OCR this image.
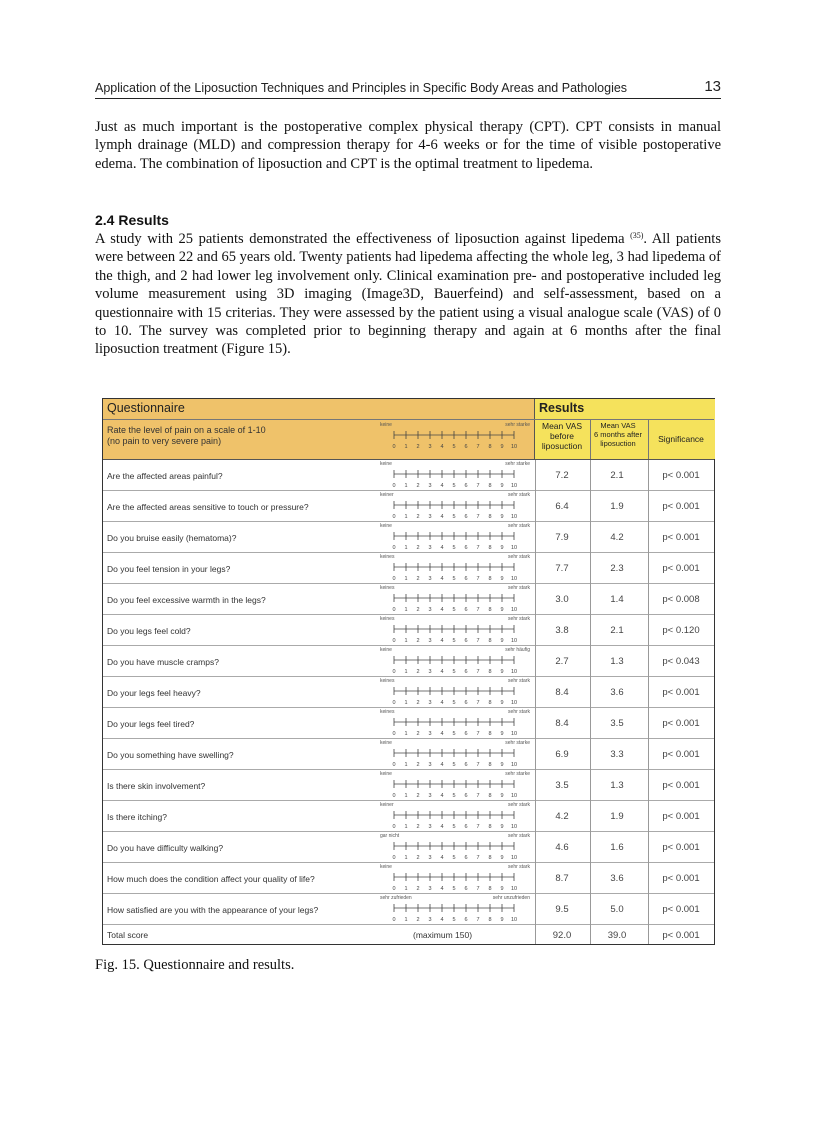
Application of the Liposuction Techniques and Principles in Specific Body Areas and Pathologies	13

Just as much important is the postoperative complex physical therapy (CPT). CPT consists in manual lymph drainage (MLD) and compression therapy for 4-6 weeks or for the time of visible postoperative edema. The combination of liposuction and CPT is the optimal treatment to lipedema.

2.4 Results

A study with 25 patients demonstrated the effectiveness of liposuction against lipedema $^{(35)}$. All patients were between 22 and 65 years old. Twenty patients had lipedema affecting the whole leg, 3 had lipedema of the thigh, and 2 had lower leg involvement only. Clinical examination pre- and postoperative included leg volume measurement using 3D imaging (Image3D, Bauerfeind) and self-assessment, based on a questionnaire with 15 criterias. They were assessed by the patient using a visual analogue scale (VAS) of 0 to 10. The survey was completed prior to beginning therapy and again at 6 months after the final liposuction treatment (Figure 15).

Questionnaire	Results
Rate the level of pain on a scale of 1-10
(no pain to very severe pain)
keine	sehr starke
0 1 2 3 4 5 6 7 8 9 10
Mean VAS
before
liposuction
Mean VAS
6 months after
liposuction	Significance
Are the affected areas painful?
keine	sehr starke
0 1 2 3 4 5 6 7 8 9 10
7.2	2.1	p< 0.001
Are the affected areas sensitive to touch or pressure?
keiner	sehr stark
0 1 2 3 4 5 6 7 8 9 10
6.4	1.9	p< 0.001
Do you bruise easily (hematoma)?
keine	sehr stark
0 1 2 3 4 5 6 7 8 9 10
7.9	4.2	p< 0.001
Do you feel tension in your legs?
keines	sehr stark
0 1 2 3 4 5 6 7 8 9 10
7.7	2.3	p< 0.001
Do you feel excessive warmth in the legs?
keines	sehr stark
0 1 2 3 4 5 6 7 8 9 10
3.0	1.4	p< 0.008
Do you legs feel cold?
keines	sehr stark
0 1 2 3 4 5 6 7 8 9 10
3.8	2.1	p< 0.120
Do you have muscle cramps?
keine	sehr häufig
0 1 2 3 4 5 6 7 8 9 10
2.7	1.3	p< 0.043
Do your legs feel heavy?
keines	sehr stark
0 1 2 3 4 5 6 7 8 9 10
8.4	3.6	p< 0.001
Do your legs feel tired?
keines	sehr stark
0 1 2 3 4 5 6 7 8 9 10
8.4	3.5	p< 0.001
Do you something have swelling?
keine	sehr starke
0 1 2 3 4 5 6 7 8 9 10
6.9	3.3	p< 0.001
Is there skin involvement?
keine	sehr starke
0 1 2 3 4 5 6 7 8 9 10
3.5	1.3	p< 0.001
Is there itching?
keiner	sehr stark
0 1 2 3 4 5 6 7 8 9 10
4.2	1.9	p< 0.001
Do you have difficulty walking?
gar nicht	sehr stark
0 1 2 3 4 5 6 7 8 9 10
4.6	1.6	p< 0.001
How much does the condition affect your quality of life?
keine	sehr stark
0 1 2 3 4 5 6 7 8 9 10
8.7	3.6	p< 0.001
How satisfied are you with the appearance of your legs?
sehr zufrieden	sehr unzufrieden
0 1 2 3 4 5 6 7 8 9 10
9.5	5.0	p< 0.001
Total score	(maximum 150)	92.0	39.0	p< 0.001
Fig. 15. Questionnaire and results.
